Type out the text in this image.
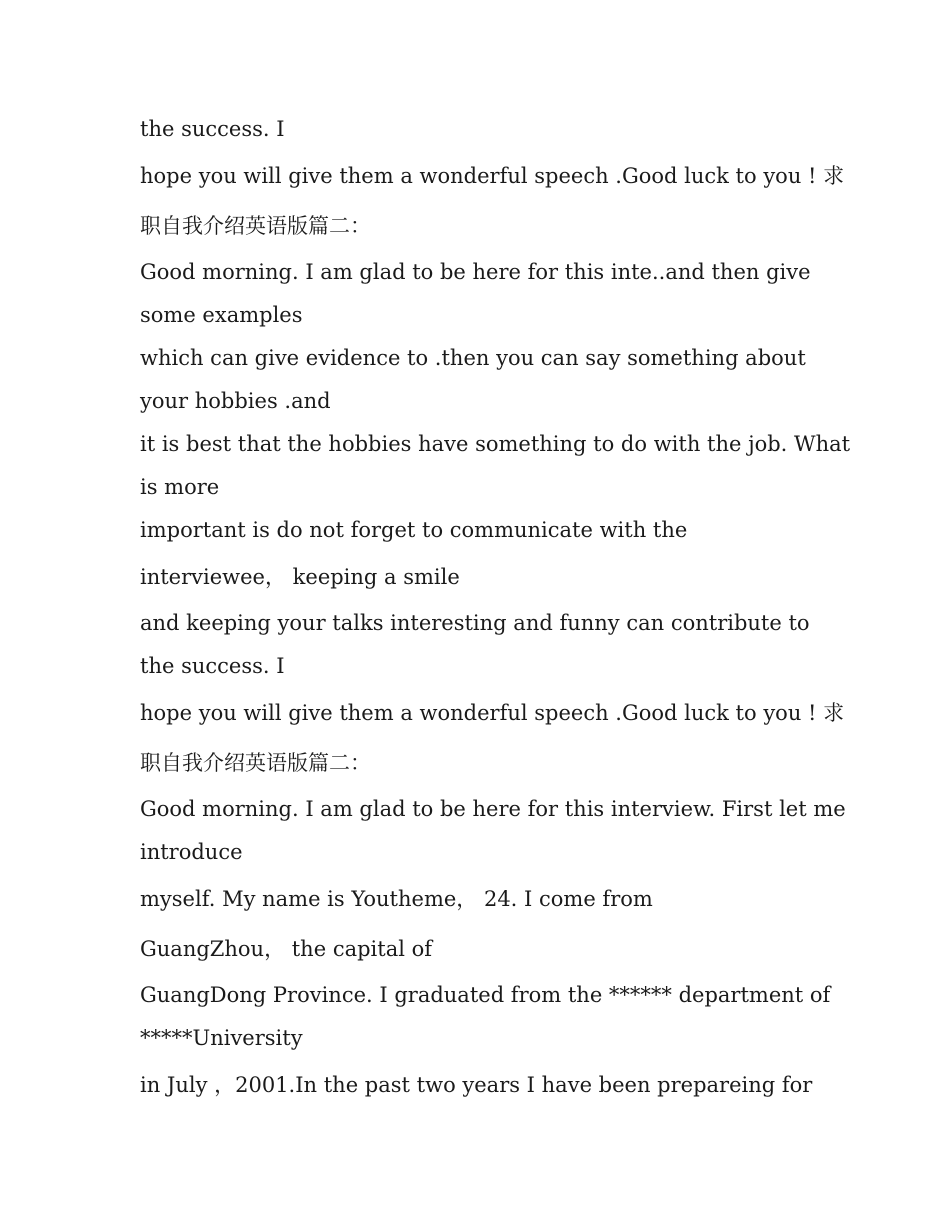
the success. I

hope you will give them a wonderful speech .Good luck to you ! 求

职自我介绍英语版篇二：

Good morning. I am glad to be here for this inte..and then give

some examples

which can give evidence to .then you can say something about

your hobbies .and

it is best that the hobbies have something to do with the job. What

is more

important is do not forget to communicate with the

interviewee， keeping a smile

and keeping your talks interesting and funny can contribute to

the success. I

hope you will give them a wonderful speech .Good luck to you ! 求

职自我介绍英语版篇二：

Good morning. I am glad to be here for this interview. First let me

introduce

myself. My name is Youtheme， 24. I come from

GuangZhou， the capital of

GuangDong Province. I graduated from the ****** department of

*****University

in July ，2001.In the past two years I have been prepareing for
